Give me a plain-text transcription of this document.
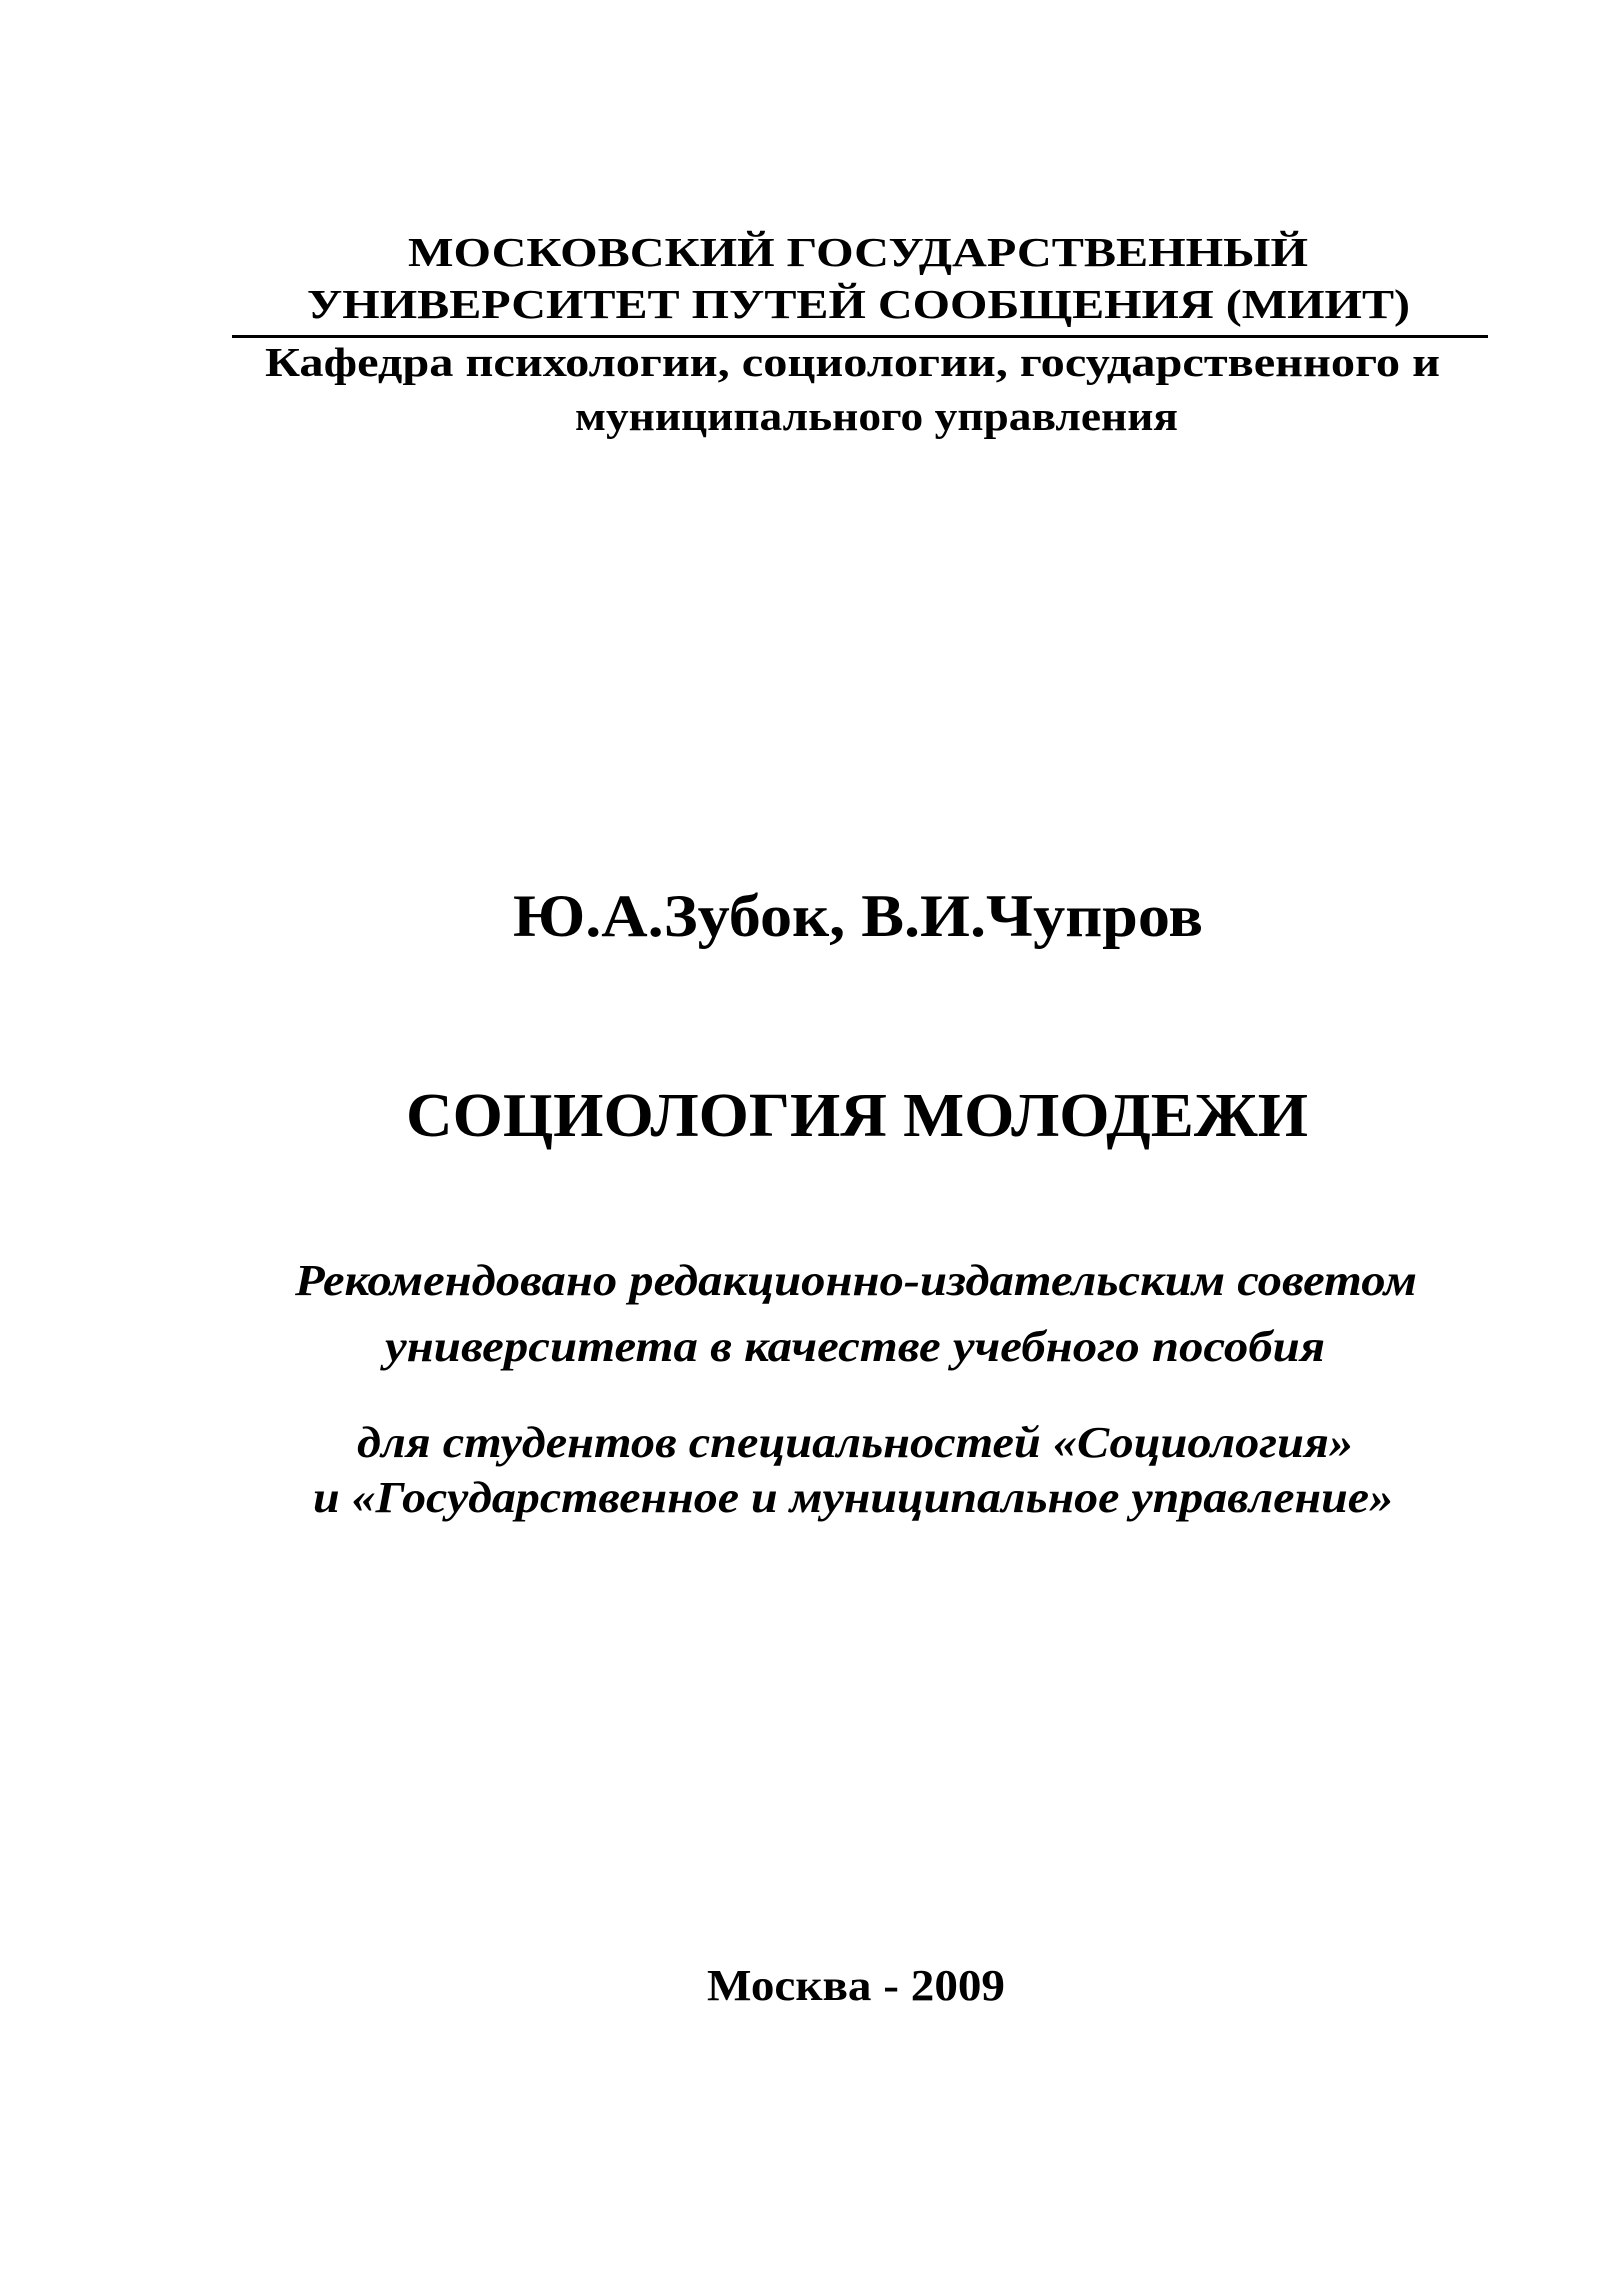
МОСКОВСКИЙ ГОСУДАРСТВЕННЫЙ
УНИВЕРСИТЕТ ПУТЕЙ СООБЩЕНИЯ (МИИТ)
Кафедра психологии, социологии, государственного и
муниципального управления
Ю.А.Зубок, В.И.Чупров
СОЦИОЛОГИЯ МОЛОДЕЖИ
Рекомендовано редакционно-издательским советом
университета в качестве учебного пособия
для студентов специальностей «Социология»
и «Государственное и муниципальное управление»
Москва - 2009
